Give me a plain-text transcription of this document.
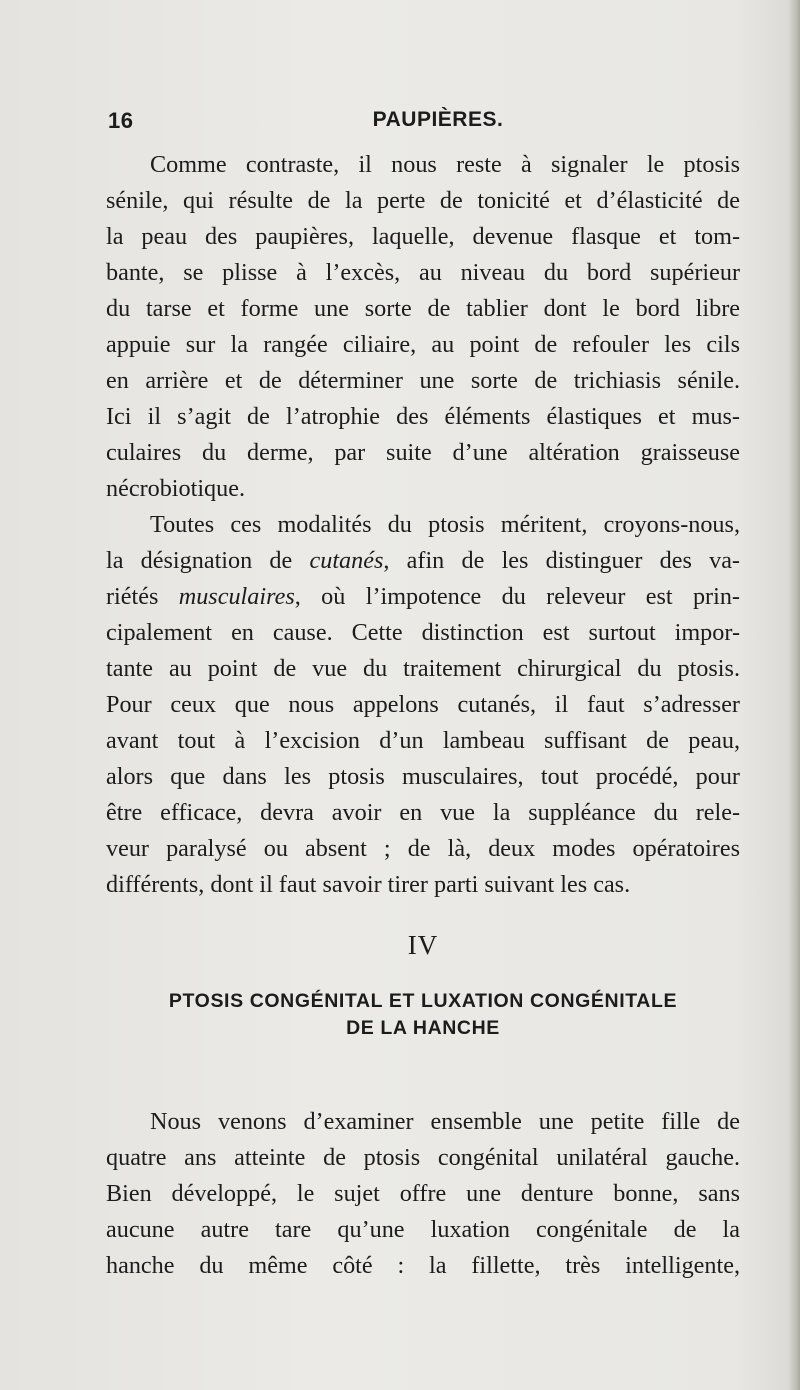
16	PAUPIÈRES.
Comme contraste, il nous reste à signaler le ptosis
sénile, qui résulte de la perte de tonicité et d’élasticité de
la peau des paupières, laquelle, devenue flasque et tom-
bante, se plisse à l’excès, au niveau du bord supérieur
du tarse et forme une sorte de tablier dont le bord libre
appuie sur la rangée ciliaire, au point de refouler les cils
en arrière et de déterminer une sorte de trichiasis sénile.
Ici il s’agit de l’atrophie des éléments élastiques et mus-
culaires du derme, par suite d’une altération graisseuse
nécrobiotique.
Toutes ces modalités du ptosis méritent, croyons-nous,
la désignation de cutanés, afin de les distinguer des va-
riétés musculaires, où l’impotence du releveur est prin-
cipalement en cause. Cette distinction est surtout impor-
tante au point de vue du traitement chirurgical du ptosis.
Pour ceux que nous appelons cutanés, il faut s’adresser
avant tout à l’excision d’un lambeau suffisant de peau,
alors que dans les ptosis musculaires, tout procédé, pour
être efficace, devra avoir en vue la suppléance du rele-
veur paralysé ou absent ; de là, deux modes opératoires
différents, dont il faut savoir tirer parti suivant les cas.
IV
PTOSIS CONGÉNITAL ET LUXATION CONGÉNITALE
DE LA HANCHE
Nous venons d’examiner ensemble une petite fille de
quatre ans atteinte de ptosis congénital unilatéral gauche.
Bien développé, le sujet offre une denture bonne, sans
aucune autre tare qu’une luxation congénitale de la
hanche du même côté : la fillette, très intelligente,
